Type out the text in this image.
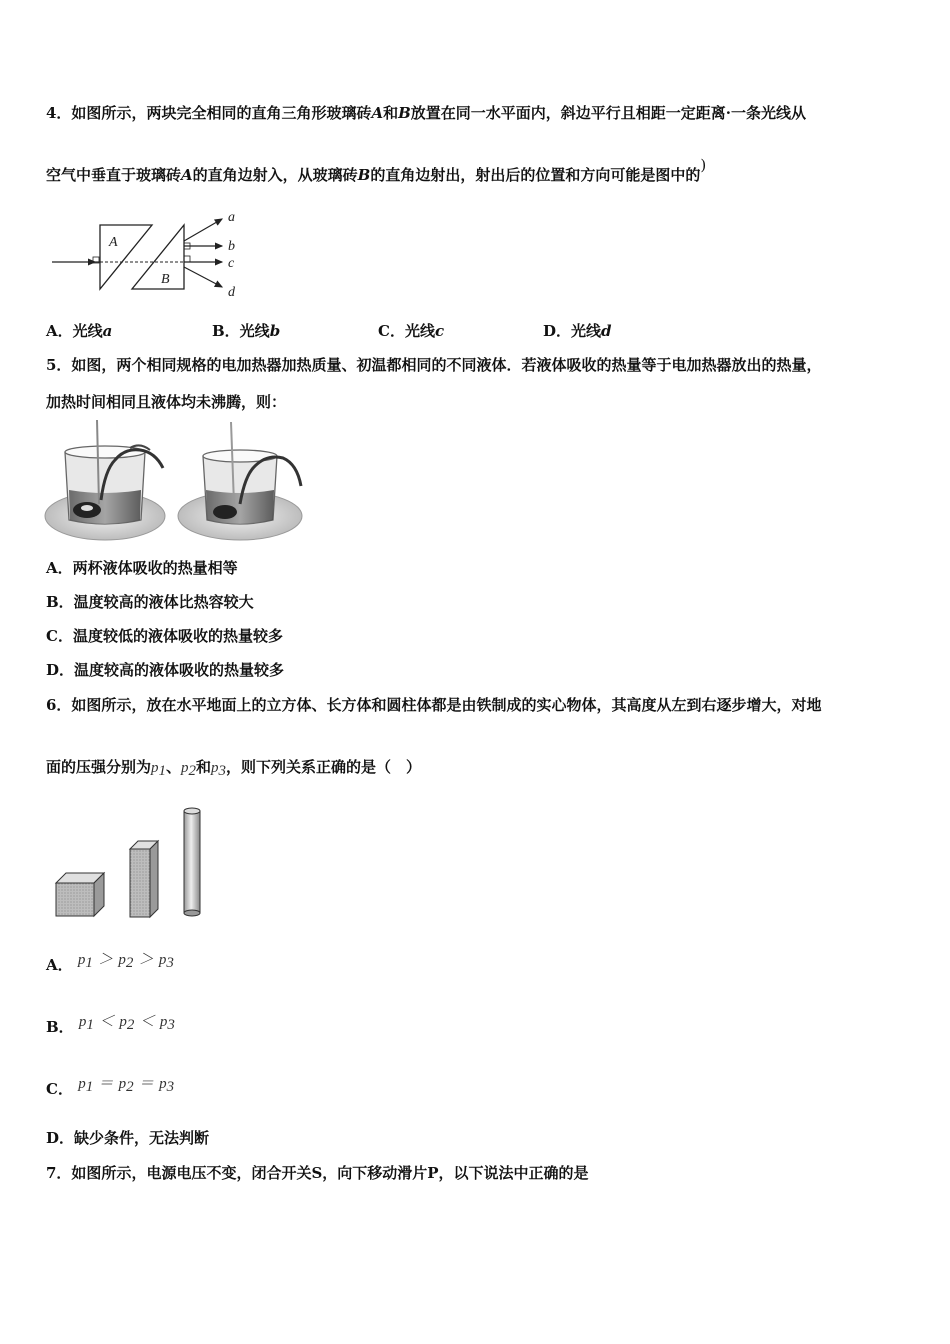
4．如图所示，两块完全相同的直角三角形玻璃砖A和B放置在同一水平面内，斜边平行且相距一定距离·一条光线从
空气中垂直于玻璃砖A的直角边射入，从玻璃砖B的直角边射出，射出后的位置和方向可能是图中的)
A
B
a
b
c
d
A．光线a	B．光线b	C．光线c	D．光线d
5．如图，两个相同规格的电加热器加热质量、初温都相同的不同液体．若液体吸收的热量等于电加热器放出的热量，
加热时间相同且液体均未沸腾，则：
A．两杯液体吸收的热量相等
B．温度较高的液体比热容较大
C．温度较低的液体吸收的热量较多
D．温度较高的液体吸收的热量较多
6．如图所示，放在水平地面上的立方体、长方体和圆柱体都是由铁制成的实心物体，其高度从左到右逐步增大，对地
面的压强分别为p1、p2和p3，则下列关系正确的是（　）
A． p1 ＞ p2 ＞ p3
B． p1 ＜ p2 ＜ p3
C． p1 ＝ p2 ＝ p3
D．缺少条件，无法判断
7．如图所示，电源电压不变，闭合开关S，向下移动滑片P，以下说法中正确的是
